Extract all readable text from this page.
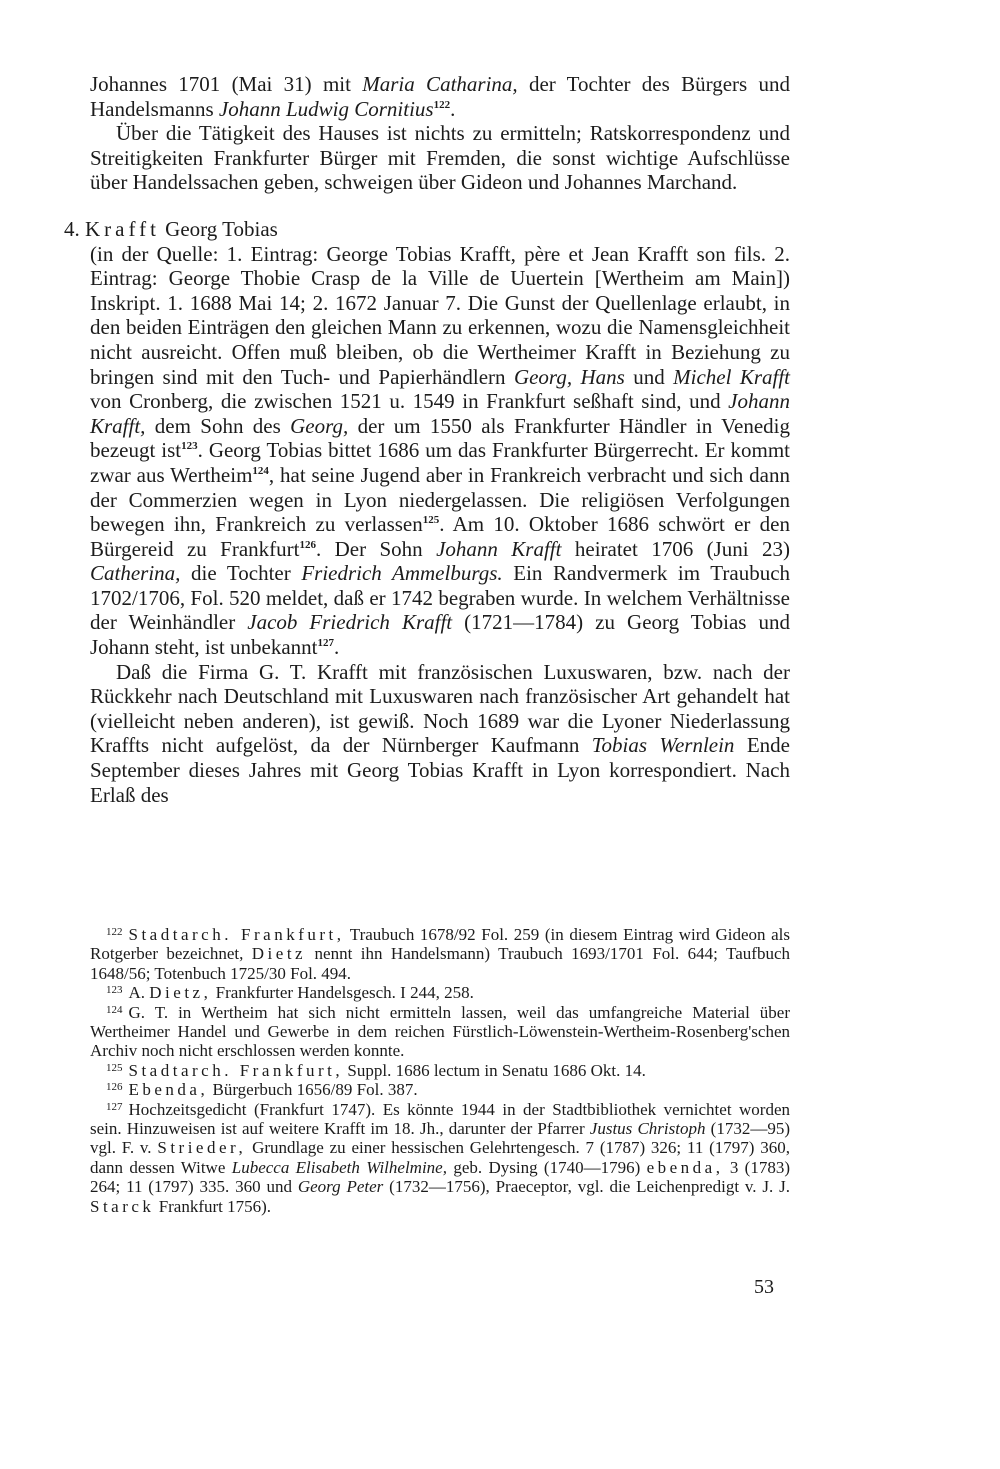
Johannes 1701 (Mai 31) mit Maria Catharina, der Tochter des Bürgers und Handelsmanns Johann Ludwig Cornitius$^{122}$.

Über die Tätigkeit des Hauses ist nichts zu ermitteln; Ratskorrespondenz und Streitigkeiten Frankfurter Bürger mit Fremden, die sonst wichtige Aufschlüsse über Handelssachen geben, schweigen über Gideon und Johannes Marchand.

4. Krafft Georg Tobias

(in der Quelle: 1. Eintrag: George Tobias Krafft, père et Jean Krafft son fils. 2. Eintrag: George Thobie Crasp de la Ville de Uuertein [Wertheim am Main]) Inskript. 1. 1688 Mai 14; 2. 1672 Januar 7. Die Gunst der Quellenlage erlaubt, in den beiden Einträgen den gleichen Mann zu erkennen, wozu die Namensgleichheit nicht ausreicht. Offen muß bleiben, ob die Wertheimer Krafft in Beziehung zu bringen sind mit den Tuch- und Papierhändlern Georg, Hans und Michel Krafft von Cronberg, die zwischen 1521 u. 1549 in Frankfurt seßhaft sind, und Johann Krafft, dem Sohn des Georg, der um 1550 als Frankfurter Händler in Venedig bezeugt ist$^{123}$. Georg Tobias bittet 1686 um das Frankfurter Bürgerrecht. Er kommt zwar aus Wertheim$^{124}$, hat seine Jugend aber in Frankreich verbracht und sich dann der Commerzien wegen in Lyon niedergelassen. Die religiösen Verfolgungen bewegen ihn, Frankreich zu verlassen$^{125}$. Am 10. Oktober 1686 schwört er den Bürgereid zu Frankfurt$^{126}$. Der Sohn Johann Krafft heiratet 1706 (Juni 23) Catherina, die Tochter Friedrich Ammelburgs. Ein Randvermerk im Traubuch 1702/1706, Fol. 520 meldet, daß er 1742 begraben wurde. In welchem Verhältnisse der Weinhändler Jacob Friedrich Krafft (1721—1784) zu Georg Tobias und Johann steht, ist unbekannt$^{127}$.

Daß die Firma G. T. Krafft mit französischen Luxuswaren, bzw. nach der Rückkehr nach Deutschland mit Luxuswaren nach französischer Art gehandelt hat (vielleicht neben anderen), ist gewiß. Noch 1689 war die Lyoner Niederlassung Kraffts nicht aufgelöst, da der Nürnberger Kaufmann Tobias Wernlein Ende September dieses Jahres mit Georg Tobias Krafft in Lyon korrespondiert. Nach Erlaß des

$^{122}$ Stadtarch. Frankfurt, Traubuch 1678/92 Fol. 259 (in diesem Eintrag wird Gideon als Rotgerber bezeichnet, Dietz nennt ihn Handelsmann) Traubuch 1693/1701 Fol. 644; Taufbuch 1648/56; Totenbuch 1725/30 Fol. 494.

$^{123}$ A. Dietz, Frankfurter Handelsgesch. I 244, 258.

$^{124}$ G. T. in Wertheim hat sich nicht ermitteln lassen, weil das umfangreiche Material über Wertheimer Handel und Gewerbe in dem reichen Fürstlich-Löwenstein-Wertheim-Rosenberg'schen Archiv noch nicht erschlossen werden konnte.

$^{125}$ Stadtarch. Frankfurt, Suppl. 1686 lectum in Senatu 1686 Okt. 14.

$^{126}$ Ebenda, Bürgerbuch 1656/89 Fol. 387.

$^{127}$ Hochzeitsgedicht (Frankfurt 1747). Es könnte 1944 in der Stadtbibliothek vernichtet worden sein. Hinzuweisen ist auf weitere Krafft im 18. Jh., darunter der Pfarrer Justus Christoph (1732—95) vgl. F. v. Strieder, Grundlage zu einer hessischen Gelehrtengesch. 7 (1787) 326; 11 (1797) 360, dann dessen Witwe Lubecca Elisabeth Wilhelmine, geb. Dysing (1740—1796) ebenda, 3 (1783) 264; 11 (1797) 335. 360 und Georg Peter (1732—1756), Praeceptor, vgl. die Leichenpredigt v. J. J. Starck Frankfurt 1756).

53
